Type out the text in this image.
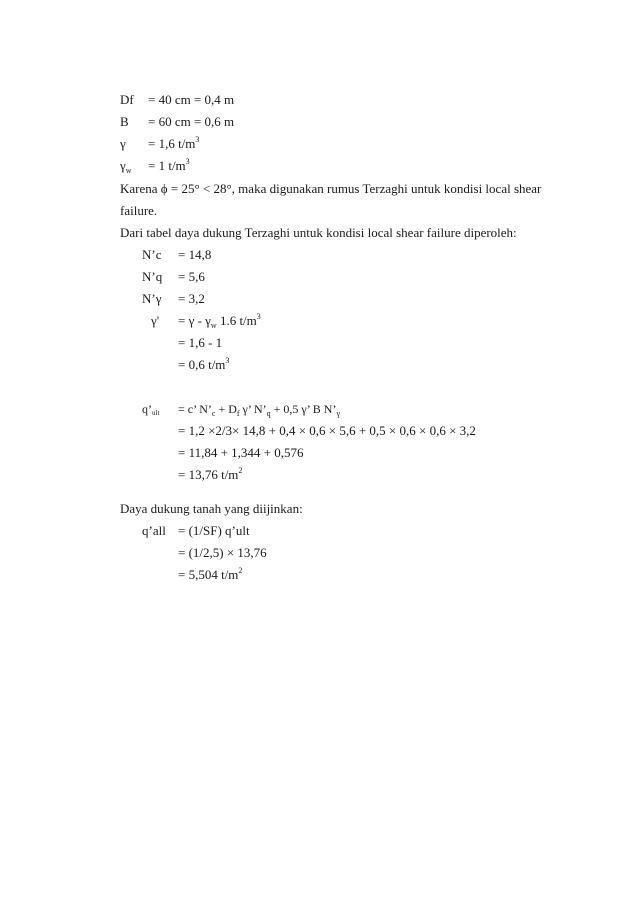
Df = 40 cm = 0,4 m
B = 60 cm = 0,6 m
γ = 1,6 $t/m^3$
$\gamma_w = 1$ $t/m^3$
Karena ϕ = 25° < 28°, maka digunakan rumus Terzaghi untuk kondisi local shear
failure.
Dari tabel daya dukung Terzaghi untuk kondisi local shear failure diperoleh:
N’c = 14,8
N’q = 5,6
N’γ = 3,2
$\gamma' = \gamma - \gamma_w$ 1.6 $t/m^3$
= 1,6 - 1
= 0,6 $t/m^3$
q’ult = c’ $N’_c + D_f$ γ’ $N’_q + 0,5$ γ’ B $N’_\gamma$
= 1,2 ×2/3× 14,8 + 0,4 × 0,6 × 5,6 + 0,5 × 0,6 × 0,6 × 3,2
= 11,84 + 1,344 + 0,576
= 13,76 $t/m^2$
Daya dukung tanah yang diijinkan:
q’all = (1/SF) q’ult
= (1/2,5) × 13,76
= 5,504 $t/m^2$
